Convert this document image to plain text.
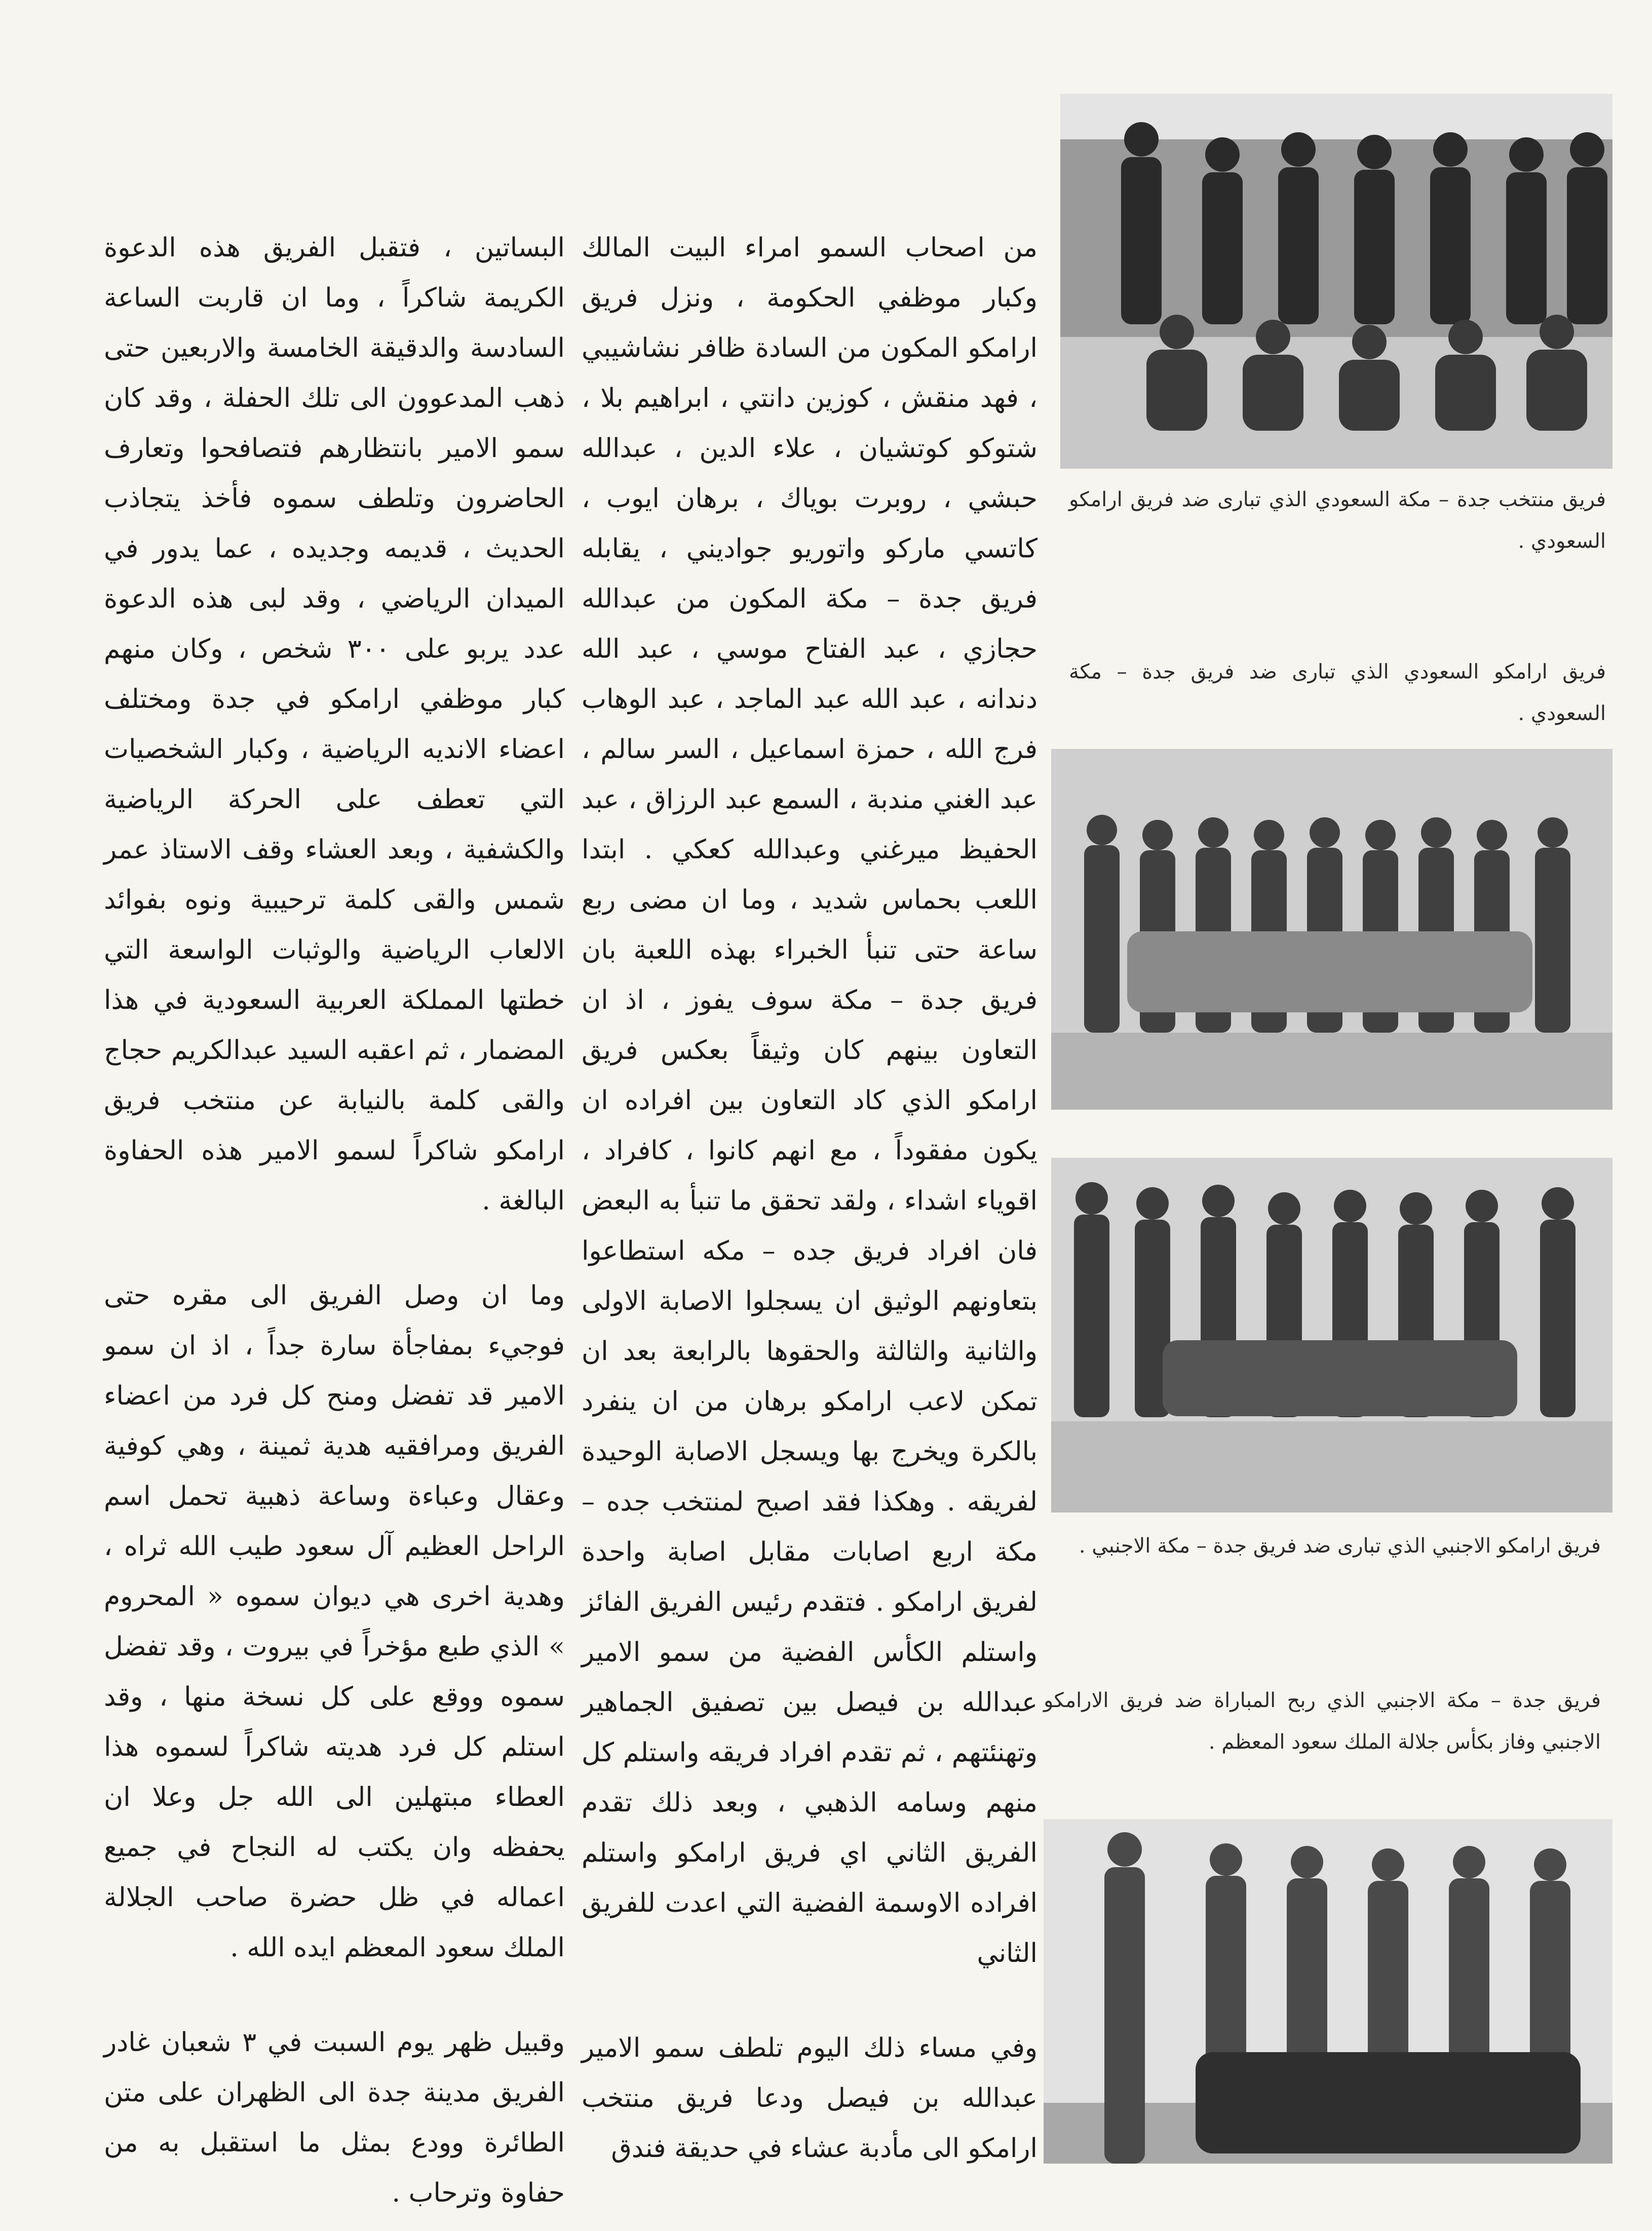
من اصحاب السمو امراء البيت المالك وكبار موظفي الحكومة ، ونزل فريق ارامكو المكون من السادة ظافر نشاشيبي ، فهد منقش ، كوزين دانتي ، ابراهيم بلا ، شتوكو كوتشيان ، علاء الدين ، عبدالله حبشي ، روبرت بوياك ، برهان ايوب ، كاتسي ماركو واتوريو جواديني ، يقابله فريق جدة – مكة المكون من عبدالله حجازي ، عبد الفتاح موسي ، عبد الله دندانه ، عبد الله عبد الماجد ، عبد الوهاب فرج الله ، حمزة اسماعيل ، السر سالم ، عبد الغني مندبة ، السمع عبد الرزاق ، عبد الحفيظ ميرغني وعبدالله كعكي . ابتدا اللعب بحماس شديد ، وما ان مضى ربع ساعة حتى تنبأ الخبراء بهذه اللعبة بان فريق جدة – مكة سوف يفوز ، اذ ان التعاون بينهم كان وثيقاً بعكس فريق ارامكو الذي كاد التعاون بين افراده ان يكون مفقوداً ، مع انهم كانوا ، كافراد ، اقوياء اشداء ، ولقد تحقق ما تنبأ به البعض فان افراد فريق جده – مكه استطاعوا بتعاونهم الوثيق ان يسجلوا الاصابة الاولى والثانية والثالثة والحقوها بالرابعة بعد ان تمكن لاعب ارامكو برهان من ان ينفرد بالكرة ويخرج بها ويسجل الاصابة الوحيدة لفريقه . وهكذا فقد اصبح لمنتخب جده – مكة اربع اصابات مقابل اصابة واحدة لفريق ارامكو . فتقدم رئيس الفريق الفائز واستلم الكأس الفضية من سمو الامير عبدالله بن فيصل بين تصفيق الجماهير وتهنئتهم ، ثم تقدم افراد فريقه واستلم كل منهم وسامه الذهبي ، وبعد ذلك تقدم الفريق الثاني اي فريق ارامكو واستلم افراده الاوسمة الفضية التي اعدت للفريق الثاني

وفي مساء ذلك اليوم تلطف سمو الامير عبدالله بن فيصل ودعا فريق منتخب ارامكو الى مأدبة عشاء في حديقة فندق

البساتين ، فتقبل الفريق هذه الدعوة الكريمة شاكراً ، وما ان قاربت الساعة السادسة والدقيقة الخامسة والاربعين حتى ذهب المدعوون الى تلك الحفلة ، وقد كان سمو الامير بانتظارهم فتصافحوا وتعارف الحاضرون وتلطف سموه فأخذ يتجاذب الحديث ، قديمه وجديده ، عما يدور في الميدان الرياضي ، وقد لبى هذه الدعوة عدد يربو على ٣٠٠ شخص ، وكان منهم كبار موظفي ارامكو في جدة ومختلف اعضاء الانديه الرياضية ، وكبار الشخصيات التي تعطف على الحركة الرياضية والكشفية ، وبعد العشاء وقف الاستاذ عمر شمس والقى كلمة ترحيبية ونوه بفوائد الالعاب الرياضية والوثبات الواسعة التي خطتها المملكة العربية السعودية في هذا المضمار ، ثم اعقبه السيد عبدالكريم حجاج والقى كلمة بالنيابة عن منتخب فريق ارامكو شاكراً لسمو الامير هذه الحفاوة البالغة .

وما ان وصل الفريق الى مقره حتى فوجيء بمفاجأة سارة جداً ، اذ ان سمو الامير قد تفضل ومنح كل فرد من اعضاء الفريق ومرافقيه هدية ثمينة ، وهي كوفية وعقال وعباءة وساعة ذهبية تحمل اسم الراحل العظيم آل سعود طيب الله ثراه ، وهدية اخرى هي ديوان سموه « المحروم » الذي طبع مؤخراً في بيروت ، وقد تفضل سموه ووقع على كل نسخة منها ، وقد استلم كل فرد هديته شاكراً لسموه هذا العطاء مبتهلين الى الله جل وعلا ان يحفظه وان يكتب له النجاح في جميع اعماله في ظل حضرة صاحب الجلالة الملك سعود المعظم ايده الله .

وقبيل ظهر يوم السبت في ٣ شعبان غادر الفريق مدينة جدة الى الظهران على متن الطائرة وودع بمثل ما استقبل به من حفاوة وترحاب .

فريق منتخب جدة – مكة السعودي الذي تبارى ضد فريق ارامكو السعودي .
فريق ارامكو السعودي الذي تبارى ضد فريق جدة – مكة السعودي .
فريق ارامكو الاجنبي الذي تبارى ضد فريق جدة – مكة الاجنبي .
فريق جدة – مكة الاجنبي الذي ربح المباراة ضد فريق الارامكو الاجنبي وفاز بكأس جلالة الملك سعود المعظم .
